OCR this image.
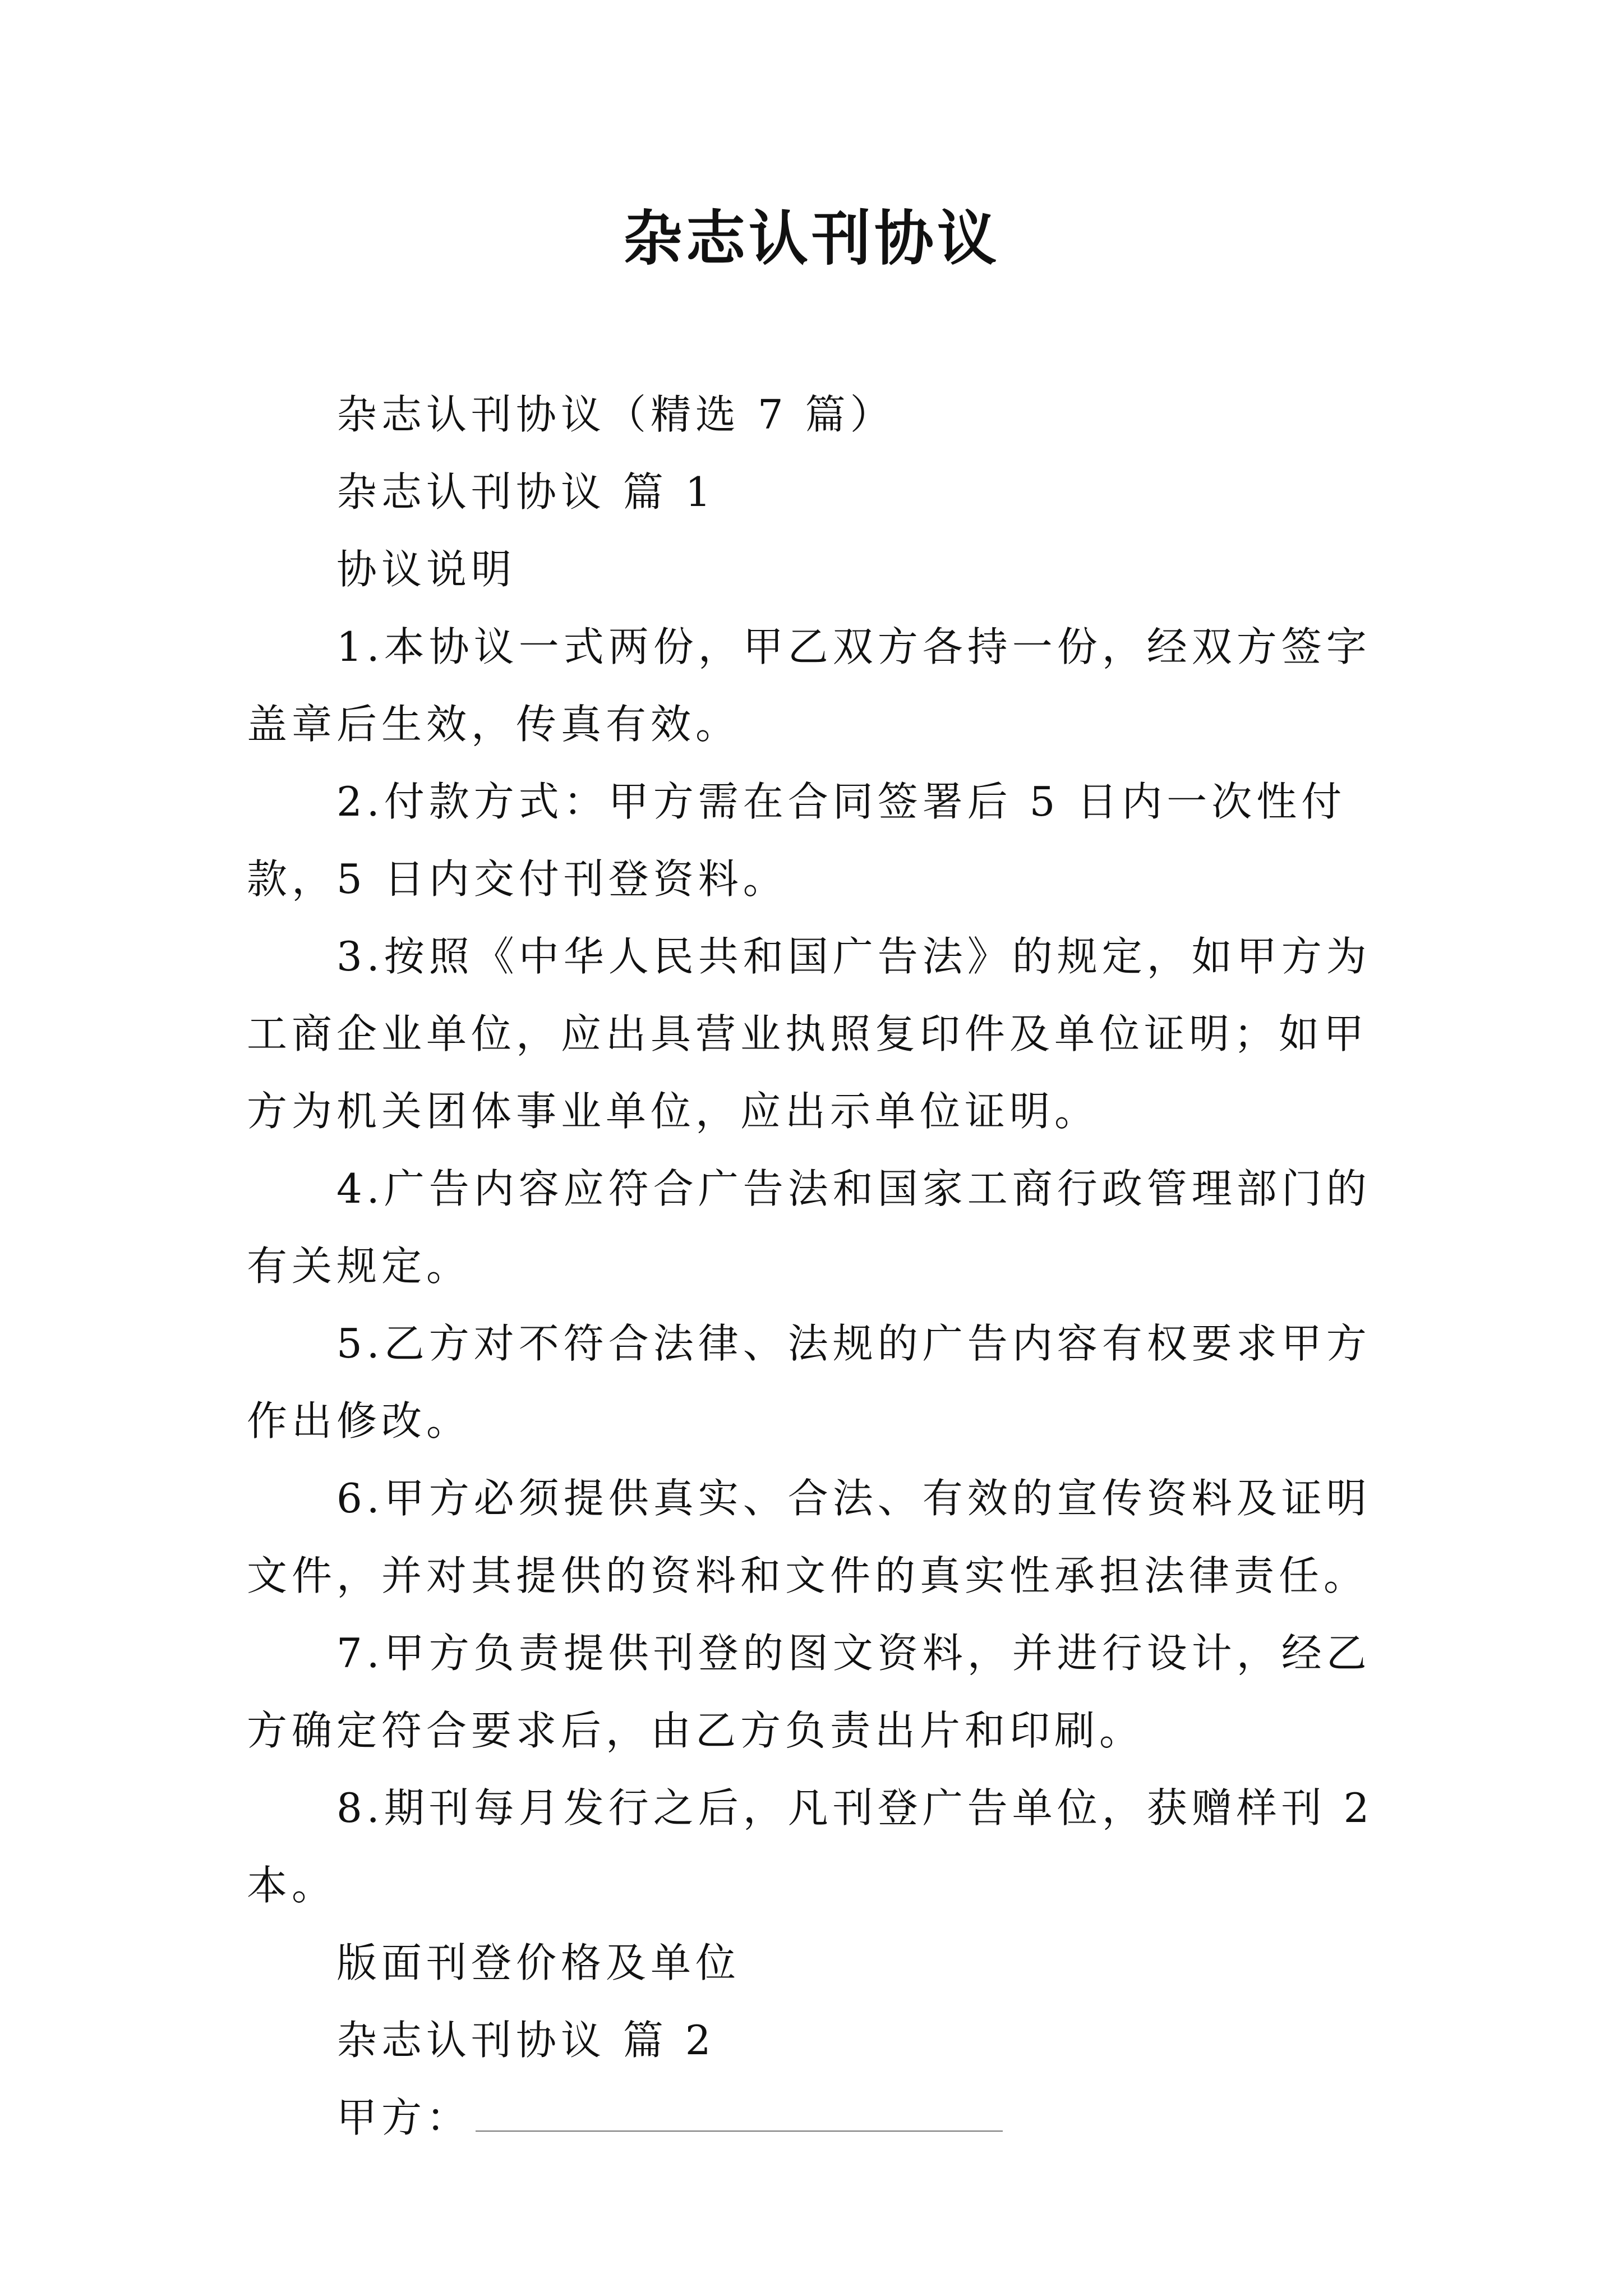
杂志认刊协议

杂志认刊协议（精选 7 篇）

杂志认刊协议 篇 1

协议说明

1.本协议一式两份，甲乙双方各持一份，经双方签字盖章后生效，传真有效。

2.付款方式：甲方需在合同签署后 5 日内一次性付款，5 日内交付刊登资料。

3.按照《中华人民共和国广告法》的规定，如甲方为工商企业单位，应出具营业执照复印件及单位证明；如甲方为机关团体事业单位，应出示单位证明。

4.广告内容应符合广告法和国家工商行政管理部门的有关规定。

5.乙方对不符合法律、法规的广告内容有权要求甲方作出修改。

6.甲方必须提供真实、合法、有效的宣传资料及证明文件，并对其提供的资料和文件的真实性承担法律责任。

7.甲方负责提供刊登的图文资料，并进行设计，经乙方确定符合要求后，由乙方负责出片和印刷。

8.期刊每月发行之后，凡刊登广告单位，获赠样刊 2 本。

版面刊登价格及单位

杂志认刊协议 篇 2

甲方：
